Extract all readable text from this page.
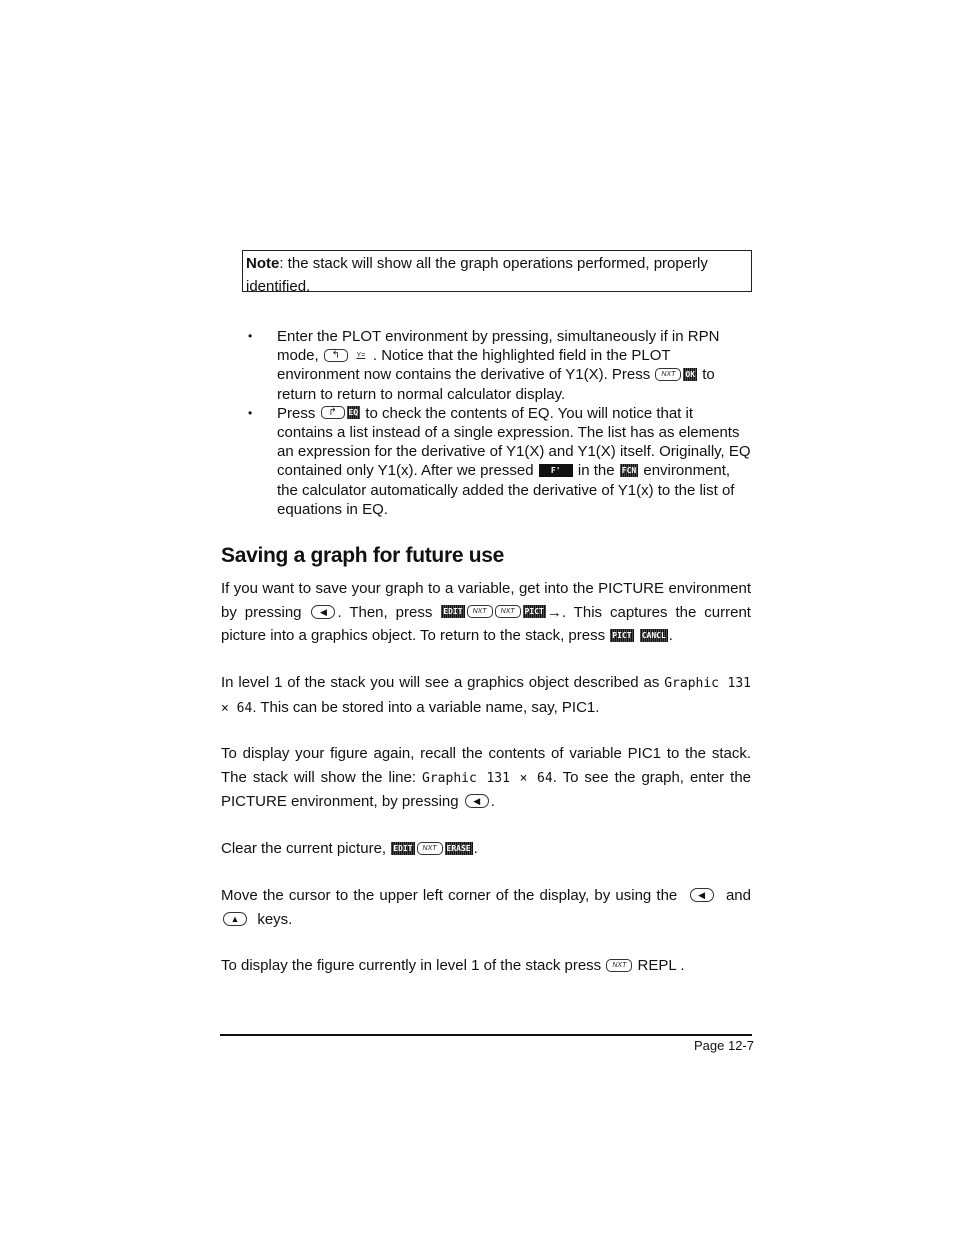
Note: the stack will show all the graph operations performed, properly identified.
• Enter the PLOT environment by pressing, simultaneously if in RPN mode, ↰ Y= . Notice that the highlighted field in the PLOT environment now contains the derivative of Y1(X). Press NXT OK to return to return to normal calculator display.
• Press ↱ EQ to check the contents of EQ. You will notice that it contains a list instead of a single expression. The list has as elements an expression for the derivative of Y1(X) and Y1(X) itself. Originally, EQ contained only Y1(x). After we pressed F' in the FCN environment, the calculator automatically added the derivative of Y1(x) to the list of equations in EQ.
Saving a graph for future use
If you want to save your graph to a variable, get into the PICTURE environment by pressing ◀ . Then, press EDIT NXT NXT PICT →. This captures the current picture into a graphics object. To return to the stack, press PICT CANCL .
In level 1 of the stack you will see a graphics object described as Graphic 131 × 64. This can be stored into a variable name, say, PIC1.
To display your figure again, recall the contents of variable PIC1 to the stack. The stack will show the line: Graphic 131 × 64. To see the graph, enter the PICTURE environment, by pressing ◀ .
Clear the current picture, EDIT NXT ERASE .
Move the cursor to the upper left corner of the display, by using the ◀ and ▲ keys.
To display the figure currently in level 1 of the stack press NXT REPL .
Page 12-7
